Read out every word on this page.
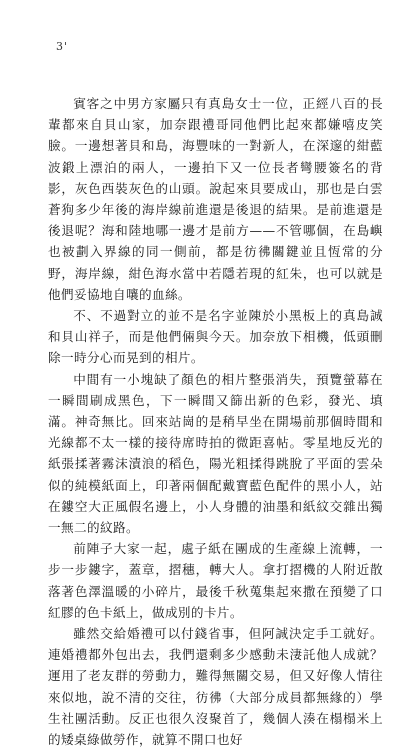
3'

賓客之中男方家屬只有真島女士一位，正經八百的長輩都來自貝山家，加奈跟禮哥同他們比起來都嫌嘻皮笑臉。一邊想著貝和島，海豐味的一對新人，在深邃的紺藍波鍛上漂泊的兩人，一邊拍下又一位長者彎腰簽名的背影，灰色西裝灰色的山頭。說起來貝要成山，那也是白雲蒼狗多少年後的海岸線前進還是後退的結果。是前進還是後退呢？海和陸地哪一邊才是前方——不管哪個，在島嶼也被劃入界線的同一側前，都是彷彿關鍵並且恆常的分野，海岸線，紺色海水當中若隱若現的紅朱，也可以就是他們妥協地自嚷的血絲。

不、不過對立的並不是名字並陳於小黑板上的真島誠和貝山祥子，而是他們倆與今天。加奈放下相機，低頭刪除一時分心而晃到的相片。

中間有一小塊缺了顏色的相片整張消失，預覽螢幕在一瞬間刷成黑色，下一瞬間又篩出新的色彩，發光、填滿。神奇無比。回來站崗的是稍早坐在開場前那個時間和光線都不太一樣的接待席時拍的微距喜帖。零星地反光的紙張揉著霧沫漬浪的稻色，陽光粗揉得跳脫了平面的雲朵似的純模紙面上，印著兩個配戴寶藍色配件的黑小人，站在鏤空大正風假名邊上，小人身體的油墨和紙紋交雜出獨一無二的紋路。

前陣子大家一起，處子紙在團成的生產線上流轉，一步一步鏤字，蓋章，摺穗，轉大人。拿打摺機的人附近散落著色澤溫暖的小碎片，最後千秋蒐集起來撒在預變了口紅膠的色卡紙上，做成別的卡片。

雖然交給婚禮可以付錢省事，但阿誠決定手工就好。連婚禮都外包出去，我們還剩多少感動未淒託他人成就？運用了老友群的勞動力，難得無關交易，但又好像人情往來似地，說不清的交往，彷彿（大部分成員都無緣的）學生社團活動。反正也很久沒聚首了，幾個人湊在榻榻米上的矮桌綠做勞作，就算不開口也好
